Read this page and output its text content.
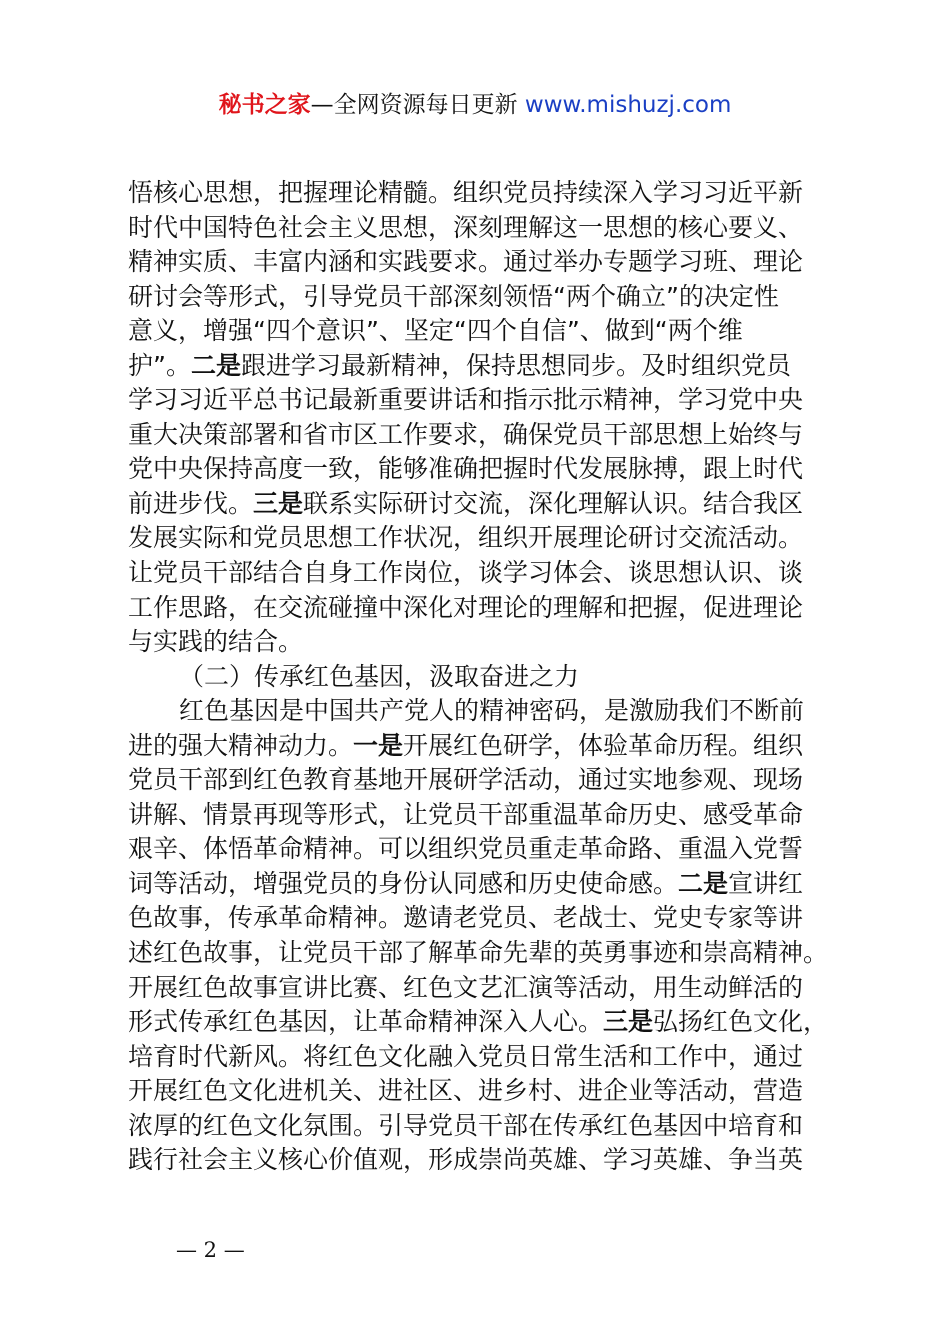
秘书之家—全网资源每日更新 www.mishuzj.com
悟核心思想，把握理论精髓。组织党员持续深入学习习近平新
时代中国特色社会主义思想，深刻理解这一思想的核心要义、
精神实质、丰富内涵和实践要求。通过举办专题学习班、理论
研讨会等形式，引导党员干部深刻领悟“两个确立”的决定性
意义，增强“四个意识”、坚定“四个自信”、做到“两个维
护”。二是跟进学习最新精神，保持思想同步。及时组织党员
学习习近平总书记最新重要讲话和指示批示精神，学习党中央
重大决策部署和省市区工作要求，确保党员干部思想上始终与
党中央保持高度一致，能够准确把握时代发展脉搏，跟上时代
前进步伐。三是联系实际研讨交流，深化理解认识。结合我区
发展实际和党员思想工作状况，组织开展理论研讨交流活动。
让党员干部结合自身工作岗位，谈学习体会、谈思想认识、谈
工作思路，在交流碰撞中深化对理论的理解和把握，促进理论
与实践的结合。
（二）传承红色基因，汲取奋进之力
红色基因是中国共产党人的精神密码，是激励我们不断前
进的强大精神动力。一是开展红色研学，体验革命历程。组织
党员干部到红色教育基地开展研学活动，通过实地参观、现场
讲解、情景再现等形式，让党员干部重温革命历史、感受革命
艰辛、体悟革命精神。可以组织党员重走革命路、重温入党誓
词等活动，增强党员的身份认同感和历史使命感。二是宣讲红
色故事，传承革命精神。邀请老党员、老战士、党史专家等讲
述红色故事，让党员干部了解革命先辈的英勇事迹和崇高精神。
开展红色故事宣讲比赛、红色文艺汇演等活动，用生动鲜活的
形式传承红色基因，让革命精神深入人心。三是弘扬红色文化，
培育时代新风。将红色文化融入党员日常生活和工作中，通过
开展红色文化进机关、进社区、进乡村、进企业等活动，营造
浓厚的红色文化氛围。引导党员干部在传承红色基因中培育和
践行社会主义核心价值观，形成崇尚英雄、学习英雄、争当英
— 2 —
